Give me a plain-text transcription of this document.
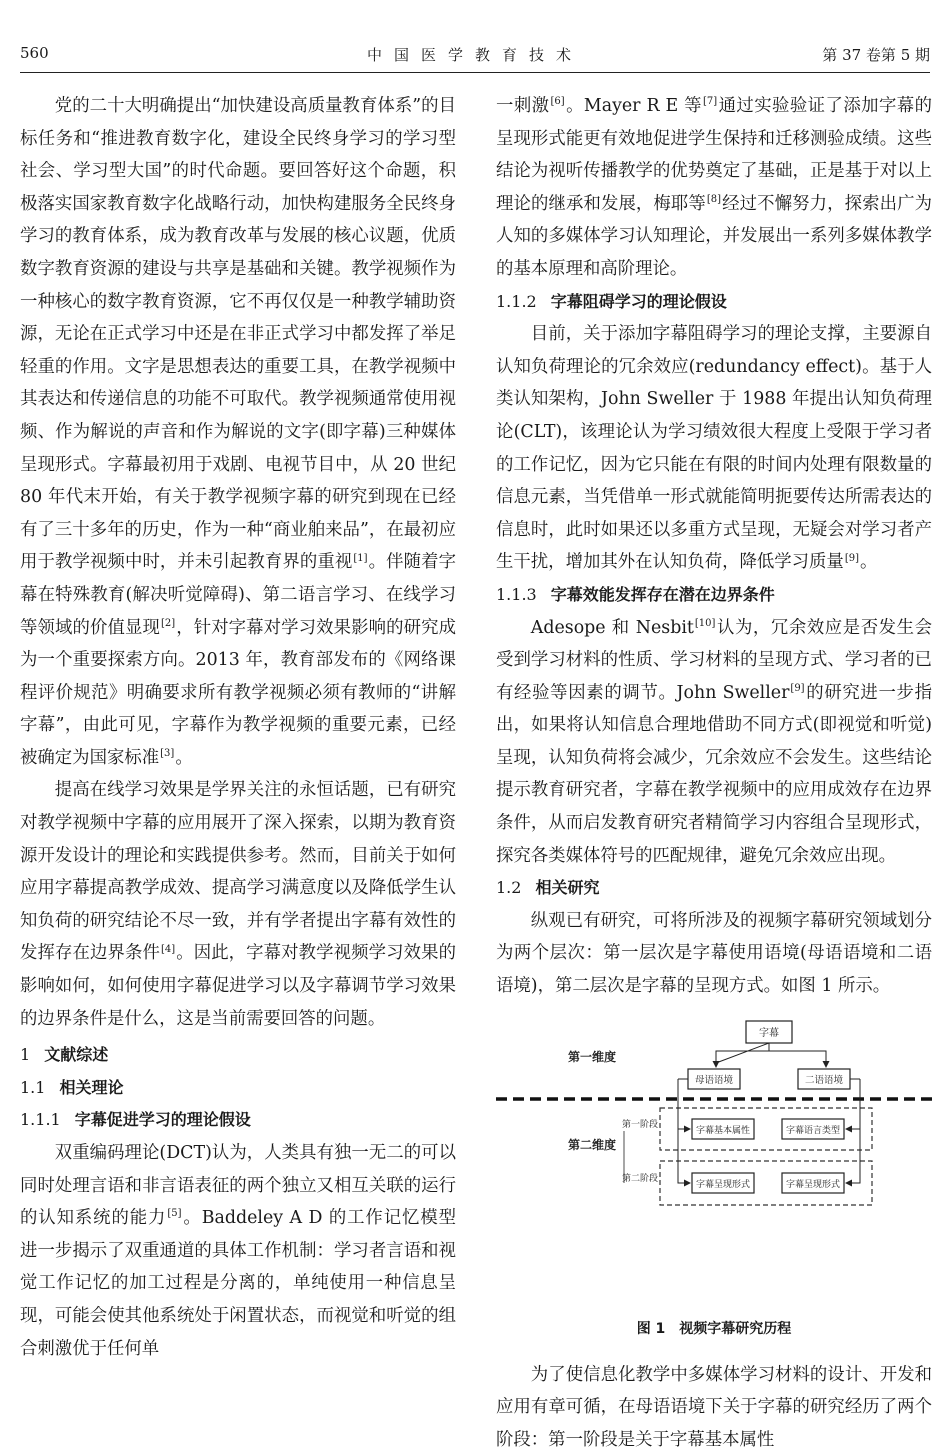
560	中国医学教育技术	第 37 卷第 5 期

党的二十大明确提出“加快建设高质量教育体系”的目标任务和“推进教育数字化，建设全民终身学习的学习型社会、学习型大国”的时代命题。要回答好这个命题，积极落实国家教育数字化战略行动，加快构建服务全民终身学习的教育体系，成为教育改革与发展的核心议题，优质数字教育资源的建设与共享是基础和关键。教学视频作为一种核心的数字教育资源，它不再仅仅是一种教学辅助资源，无论在正式学习中还是在非正式学习中都发挥了举足轻重的作用。文字是思想表达的重要工具，在教学视频中其表达和传递信息的功能不可取代。教学视频通常使用视频、作为解说的声音和作为解说的文字(即字幕)三种媒体呈现形式。字幕最初用于戏剧、电视节目中，从 20 世纪 80 年代末开始，有关于教学视频字幕的研究到现在已经有了三十多年的历史，作为一种“商业舶来品”，在最初应用于教学视频中时，并未引起教育界的重视[1]。伴随着字幕在特殊教育(解决听觉障碍)、第二语言学习、在线学习等领域的价值显现[2]，针对字幕对学习效果影响的研究成为一个重要探索方向。2013 年，教育部发布的《网络课程评价规范》明确要求所有教学视频必须有教师的“讲解字幕”，由此可见，字幕作为教学视频的重要元素，已经被确定为国家标准[3]。

提高在线学习效果是学界关注的永恒话题，已有研究对教学视频中字幕的应用展开了深入探索，以期为教育资源开发设计的理论和实践提供参考。然而，目前关于如何应用字幕提高教学成效、提高学习满意度以及降低学生认知负荷的研究结论不尽一致，并有学者提出字幕有效性的发挥存在边界条件[4]。因此，字幕对教学视频学习效果的影响如何，如何使用字幕促进学习以及字幕调节学习效果的边界条件是什么，这是当前需要回答的问题。

1 文献综述
1.1 相关理论
1.1.1 字幕促进学习的理论假设

双重编码理论(DCT)认为，人类具有独一无二的可以同时处理言语和非言语表征的两个独立又相互关联的运行的认知系统的能力[5]。Baddeley A D 的工作记忆模型进一步揭示了双重通道的具体工作机制：学习者言语和视觉工作记忆的加工过程是分离的，单纯使用一种信息呈现，可能会使其他系统处于闲置状态，而视觉和听觉的组合刺激优于任何单

一刺激[6]。Mayer R E 等[7]通过实验验证了添加字幕的呈现形式能更有效地促进学生保持和迁移测验成绩。这些结论为视听传播教学的优势奠定了基础，正是基于对以上理论的继承和发展，梅耶等[8]经过不懈努力，探索出广为人知的多媒体学习认知理论，并发展出一系列多媒体教学的基本原理和高阶理论。

1.1.2 字幕阻碍学习的理论假设

目前，关于添加字幕阻碍学习的理论支撑，主要源自认知负荷理论的冗余效应(redundancy effect)。基于人类认知架构，John Sweller 于 1988 年提出认知负荷理论(CLT)，该理论认为学习绩效很大程度上受限于学习者的工作记忆，因为它只能在有限的时间内处理有限数量的信息元素，当凭借单一形式就能简明扼要传达所需表达的信息时，此时如果还以多重方式呈现，无疑会对学习者产生干扰，增加其外在认知负荷，降低学习质量[9]。

1.1.3 字幕效能发挥存在潜在边界条件

Adesope 和 Nesbit[10]认为，冗余效应是否发生会受到学习材料的性质、学习材料的呈现方式、学习者的已有经验等因素的调节。John Sweller[9]的研究进一步指出，如果将认知信息合理地借助不同方式(即视觉和听觉)呈现，认知负荷将会减少，冗余效应不会发生。这些结论提示教育研究者，字幕在教学视频中的应用成效存在边界条件，从而启发教育研究者精简学习内容组合呈现形式，探究各类媒体符号的匹配规律，避免冗余效应出现。

1.2 相关研究

纵观已有研究，可将所涉及的视频字幕研究领域划分为两个层次：第一层次是字幕使用语境(母语语境和二语语境)，第二层次是字幕的呈现方式。如图 1 所示。

字幕
第一维度
第二维度
母语语境	二语语境
第一阶段
字幕基本属性	字幕语言类型
第二阶段
字幕呈现形式	字幕呈现形式
图 1　视频字幕研究历程

为了使信息化教学中多媒体学习材料的设计、开发和应用有章可循，在母语语境下关于字幕的研究经历了两个阶段：第一阶段是关于字幕基本属性
